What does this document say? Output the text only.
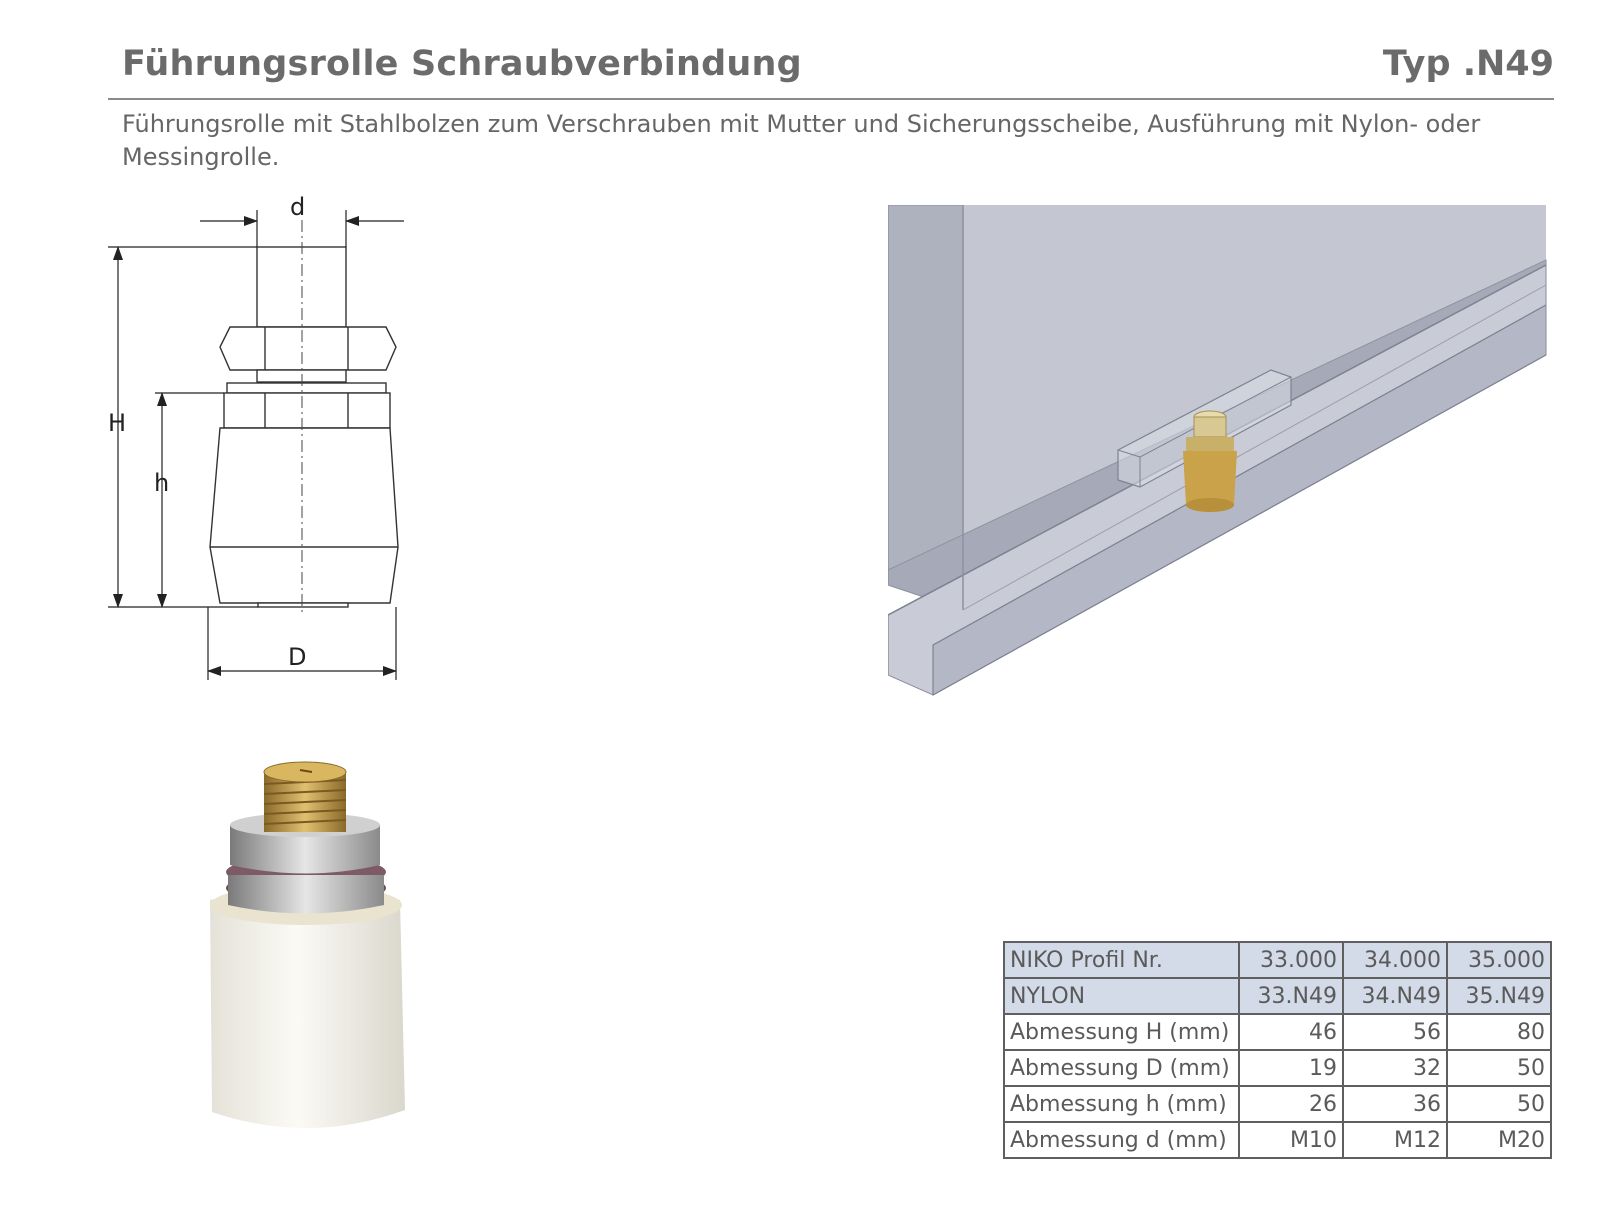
Führungsrolle Schraubverbindung	Typ .N49
Führungsrolle mit Stahlbolzen zum Verschrauben mit Mutter und Sicherungsscheibe, Ausführung mit Nylon- oder Messingrolle.
d
H
h
D
NIKO Profil Nr.	33.000	34.000	35.000
NYLON	33.N49	34.N49	35.N49
Abmessung H (mm)	46	56	80
Abmessung D (mm)	19	32	50
Abmessung h (mm)	26	36	50
Abmessung d (mm)	M10	M12	M20
